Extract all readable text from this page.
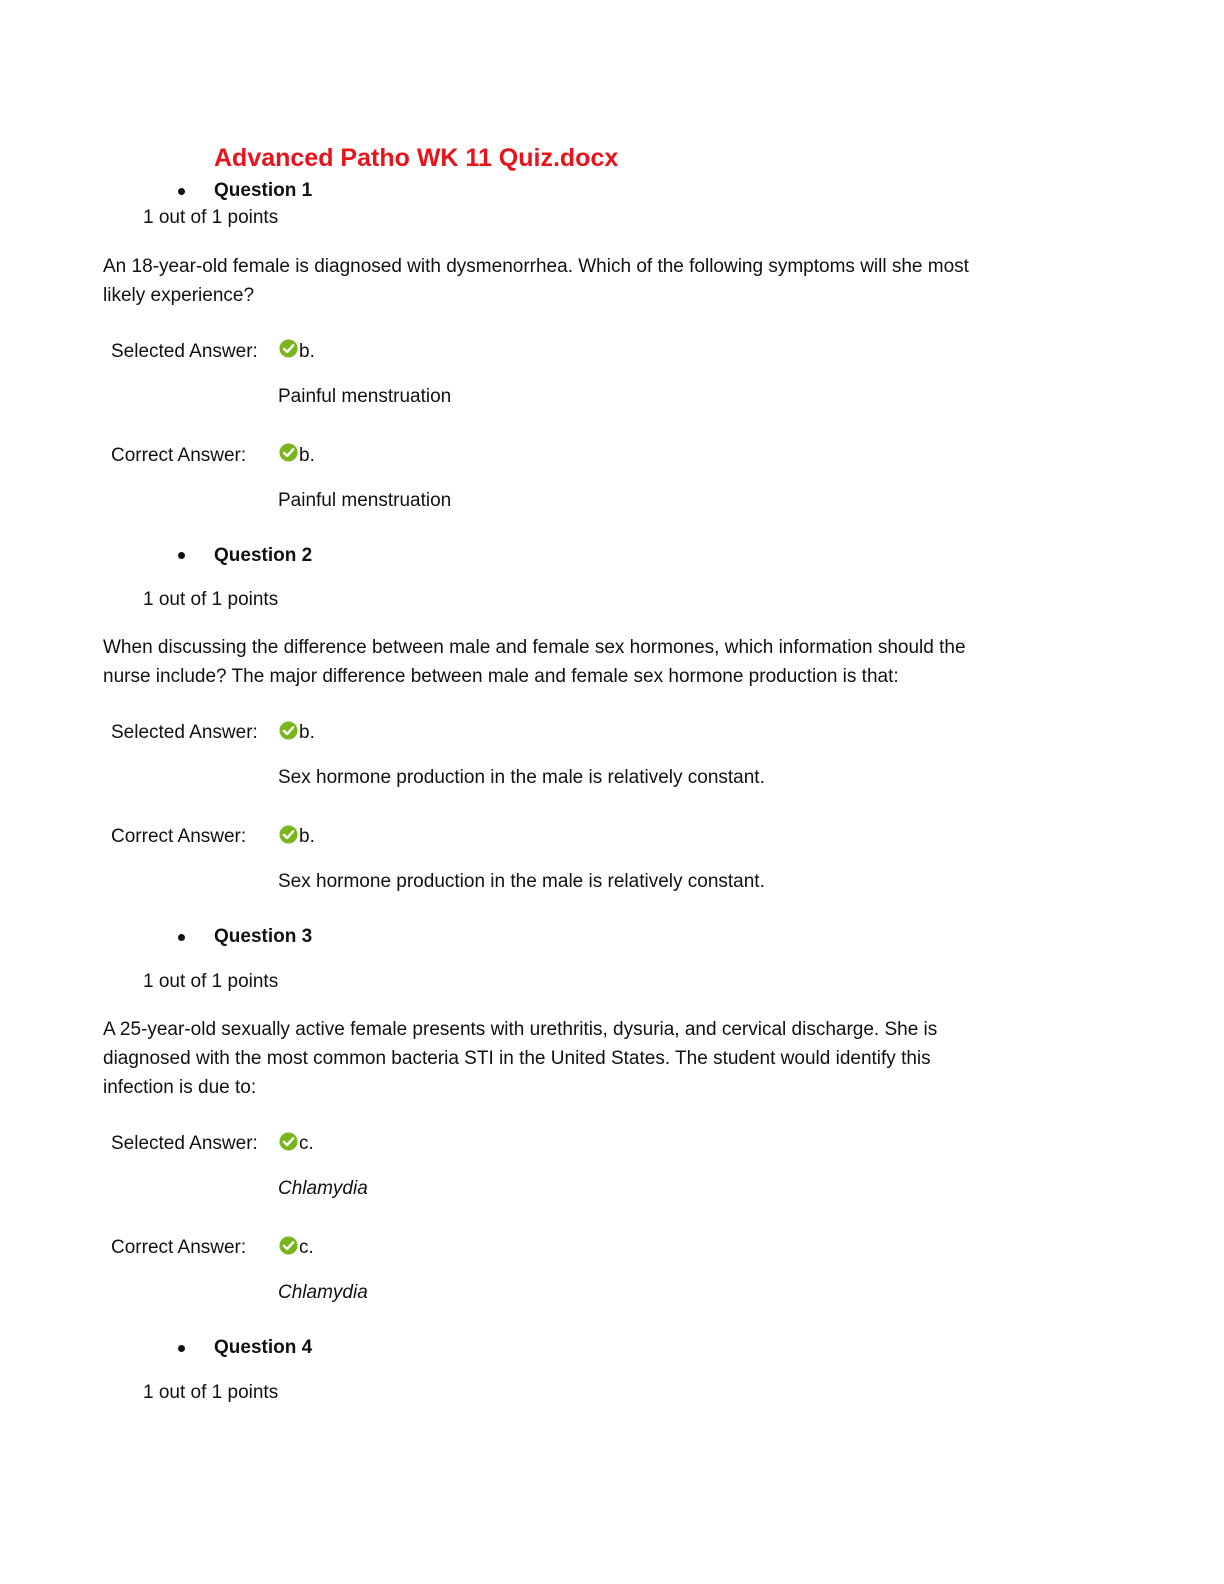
Advanced Patho WK 11 Quiz.docx
Question 1
1 out of 1 points
An 18-year-old female is diagnosed with dysmenorrhea. Which of the following symptoms will she most likely experience?
Selected Answer: b.
Painful menstruation
Correct Answer:	b.
Painful menstruation
Question 2
1 out of 1 points
When discussing the difference between male and female sex hormones, which information should the nurse include? The major difference between male and female sex hormone production is that:
Selected Answer: b.
Sex hormone production in the male is relatively constant.
Correct Answer:	b.
Sex hormone production in the male is relatively constant.
Question 3
1 out of 1 points
A 25-year-old sexually active female presents with urethritis, dysuria, and cervical discharge. She is diagnosed with the most common bacteria STI in the United States. The student would identify this infection is due to:
Selected Answer: c.
Chlamydia
Correct Answer:	c.
Chlamydia
Question 4
1 out of 1 points
